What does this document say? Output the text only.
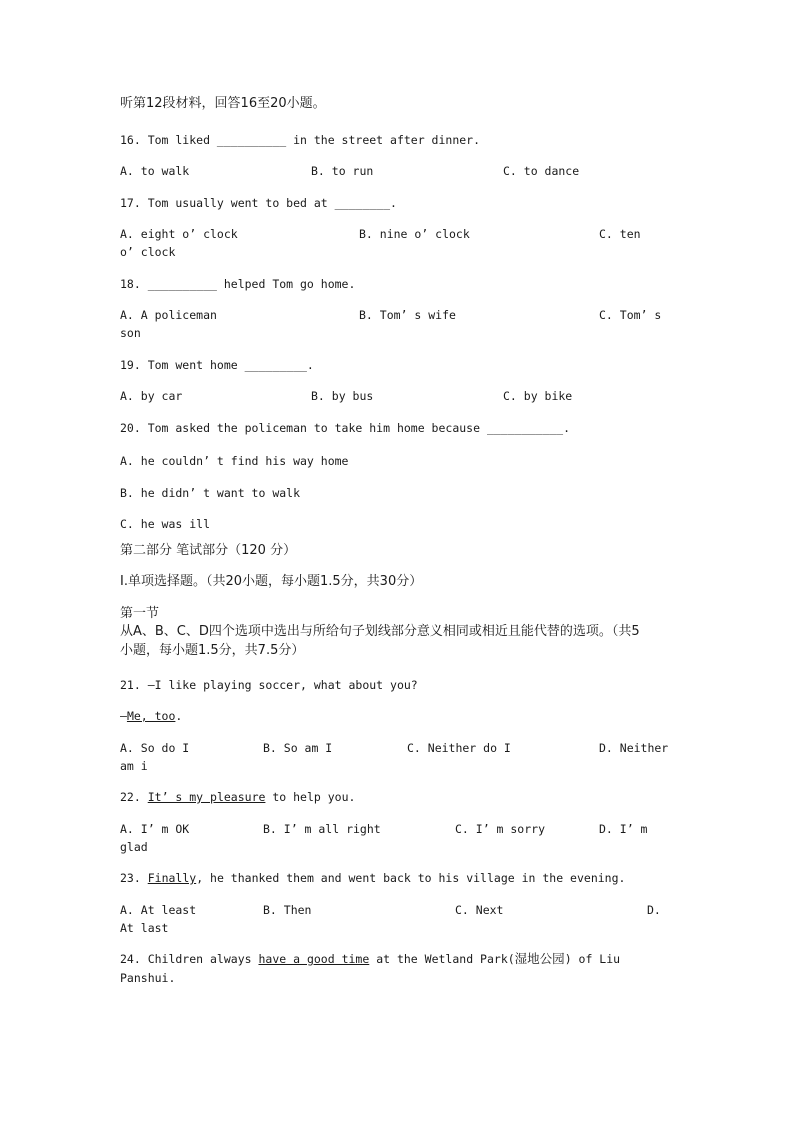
听第12段材料，回答16至20小题。
16. Tom liked __________ in the street after dinner.
A. to walk	B. to run	C. to dance
17. Tom usually went to bed at ________.
A. eight o’ clock	B. nine o’ clock	C. ten
o’ clock
18. __________ helped Tom go home.
A. A policeman	B. Tom’ s wife	C. Tom’ s
son
19. Tom went home _________.
A. by car	B. by bus	C. by bike
20. Tom asked the policeman to take him home because ___________.
A. he couldn’ t find his way home
B. he didn’ t want to walk
C. he was ill
第二部分 笔试部分（120 分）
Ⅰ.单项选择题。（共20小题，每小题1.5分，共30分）
第一节
从A、B、C、D四个选项中选出与所给句子划线部分意义相同或相近且能代替的选项。（共5
小题，每小题1.5分，共7.5分）
21. —I like playing soccer, what about you?
—Me, too.
A. So do I	B. So am I	C. Neither do I	D. Neither
am i
22. It’ s my pleasure to help you.
A. I’ m OK	B. I’ m all right	C. I’ m sorry	D. I’ m
glad
23. Finally, he thanked them and went back to his village in the evening.
A. At least	B. Then	C. Next	D.
At last
24. Children always have a good time at the Wetland Park(湿地公园) of Liu
Panshui.
